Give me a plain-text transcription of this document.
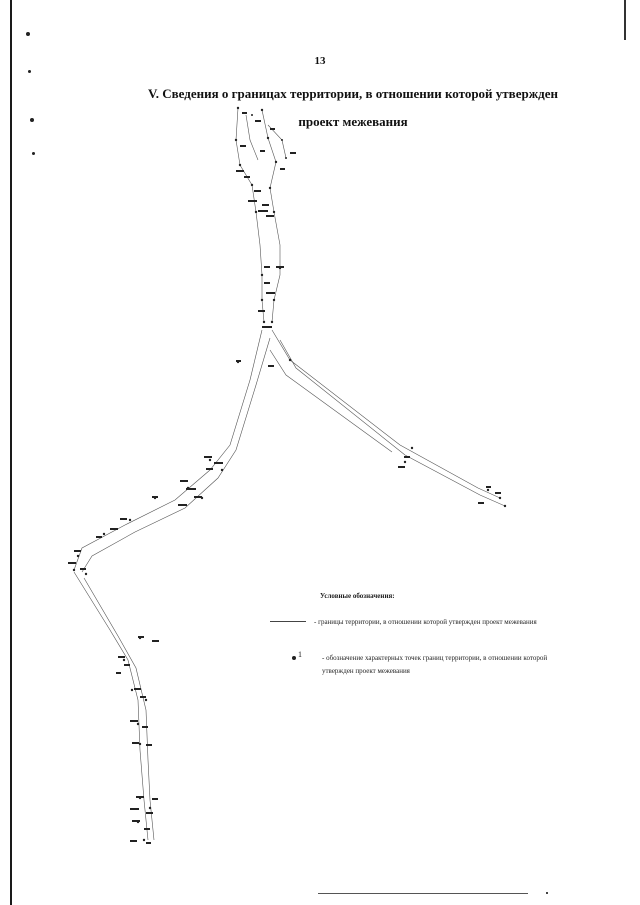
13
V. Сведения о границах территории, в отношении которой утвержден
проект межевания
Условные обозначения:
- границы территории, в отношении которой утвержден проект межевания
1	- обозначение характерных точек границ территории, в отношении которой утвержден проект межевания
